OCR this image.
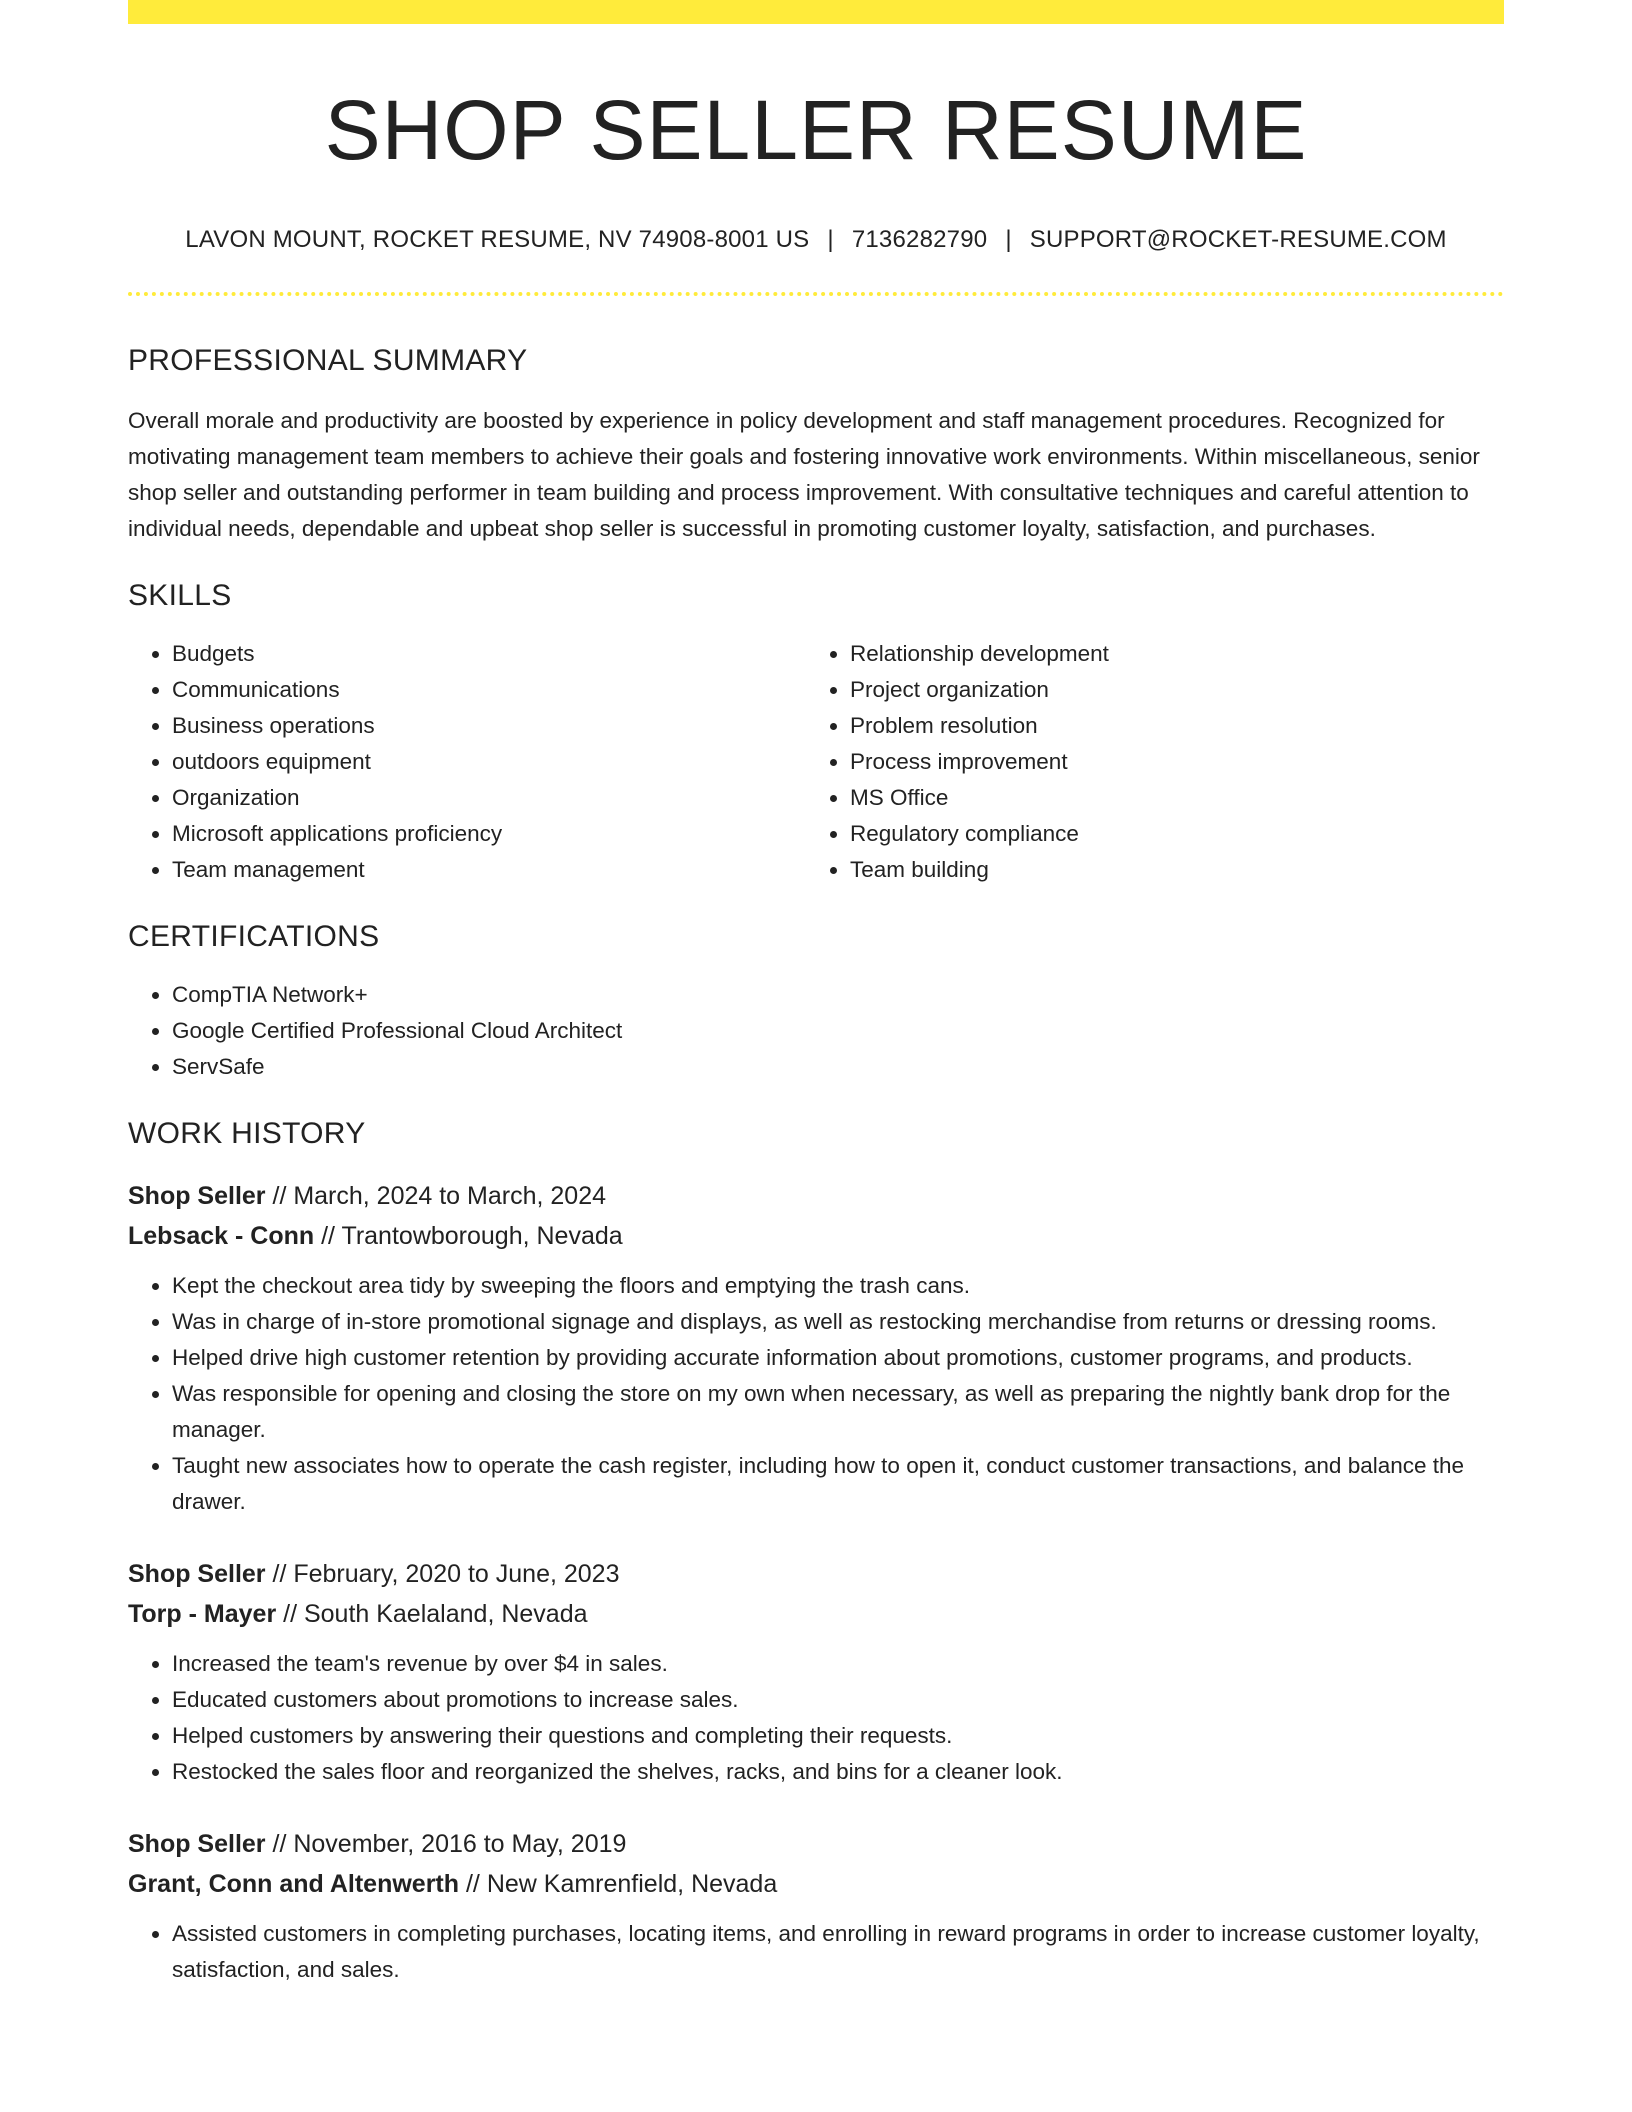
SHOP SELLER RESUME
LAVON MOUNT, ROCKET RESUME, NV 74908-8001 US | 7136282790 | SUPPORT@ROCKET-RESUME.COM
PROFESSIONAL SUMMARY

Overall morale and productivity are boosted by experience in policy development and staff management procedures. Recognized for motivating management team members to achieve their goals and fostering innovative work environments. Within miscellaneous, senior shop seller and outstanding performer in team building and process improvement. With consultative techniques and careful attention to individual needs, dependable and upbeat shop seller is successful in promoting customer loyalty, satisfaction, and purchases.

SKILLS
• Budgets
• Communications
• Business operations
• outdoors equipment
• Organization
• Microsoft applications proficiency
• Team management
• Relationship development
• Project organization
• Problem resolution
• Process improvement
• MS Office
• Regulatory compliance
• Team building
CERTIFICATIONS
• CompTIA Network+
• Google Certified Professional Cloud Architect
• ServSafe
WORK HISTORY
Shop Seller // March, 2024 to March, 2024
Lebsack - Conn // Trantowborough, Nevada
• Kept the checkout area tidy by sweeping the floors and emptying the trash cans.
• Was in charge of in-store promotional signage and displays, as well as restocking merchandise from returns or dressing rooms.
• Helped drive high customer retention by providing accurate information about promotions, customer programs, and products.
• Was responsible for opening and closing the store on my own when necessary, as well as preparing the nightly bank drop for the manager.
• Taught new associates how to operate the cash register, including how to open it, conduct customer transactions, and balance the drawer.
Shop Seller // February, 2020 to June, 2023
Torp - Mayer // South Kaelaland, Nevada
• Increased the team's revenue by over $4 in sales.
• Educated customers about promotions to increase sales.
• Helped customers by answering their questions and completing their requests.
• Restocked the sales floor and reorganized the shelves, racks, and bins for a cleaner look.
Shop Seller // November, 2016 to May, 2019
Grant, Conn and Altenwerth // New Kamrenfield, Nevada
• Assisted customers in completing purchases, locating items, and enrolling in reward programs in order to increase customer loyalty, satisfaction, and sales.
